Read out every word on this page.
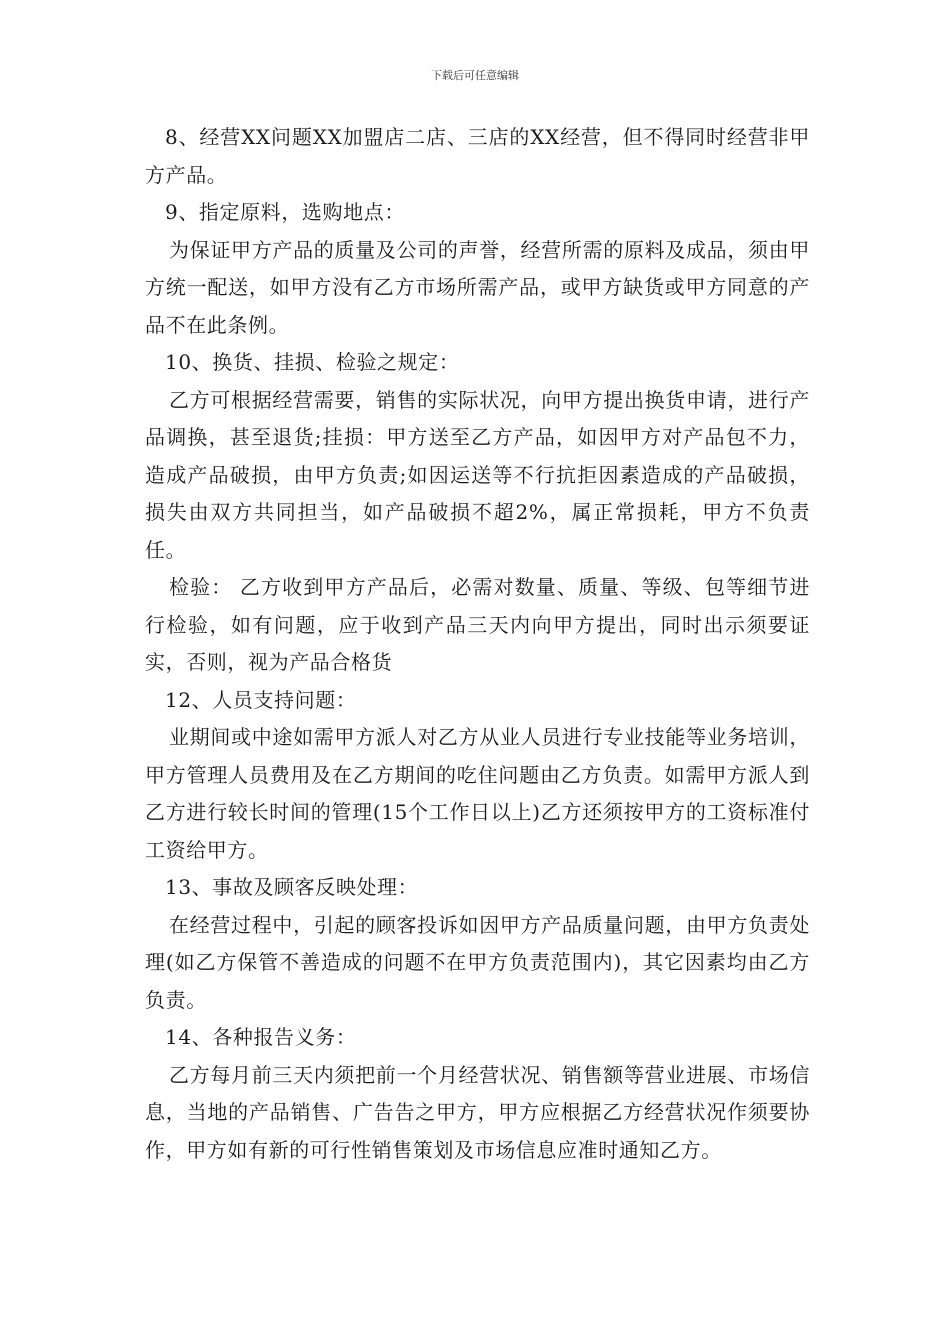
下载后可任意编辑

8、经营XX问题XX加盟店二店、三店的XX经营，但不得同时经营非甲方产品。

9、指定原料，选购地点：

为保证甲方产品的质量及公司的声誉，经营所需的原料及成品，须由甲方统一配送，如甲方没有乙方市场所需产品，或甲方缺货或甲方同意的产品不在此条例。

10、换货、挂损、检验之规定：

乙方可根据经营需要，销售的实际状况，向甲方提出换货申请，进行产品调换，甚至退货;挂损：甲方送至乙方产品，如因甲方对产品包不力，造成产品破损，由甲方负责;如因运送等不行抗拒因素造成的产品破损，损失由双方共同担当，如产品破损不超2%，属正常损耗，甲方不负责任。

检验： 乙方收到甲方产品后，必需对数量、质量、等级、包等细节进行检验，如有问题，应于收到产品三天内向甲方提出，同时出示须要证实，否则，视为产品合格货

12、人员支持问题：

业期间或中途如需甲方派人对乙方从业人员进行专业技能等业务培训，甲方管理人员费用及在乙方期间的吃住问题由乙方负责。如需甲方派人到乙方进行较长时间的管理(15个工作日以上)乙方还须按甲方的工资标准付工资给甲方。

13、事故及顾客反映处理：

在经营过程中，引起的顾客投诉如因甲方产品质量问题，由甲方负责处理(如乙方保管不善造成的问题不在甲方负责范围内)，其它因素均由乙方负责。

14、各种报告义务：

乙方每月前三天内须把前一个月经营状况、销售额等营业进展、市场信息，当地的产品销售、广告告之甲方，甲方应根据乙方经营状况作须要协作，甲方如有新的可行性销售策划及市场信息应准时通知乙方。
